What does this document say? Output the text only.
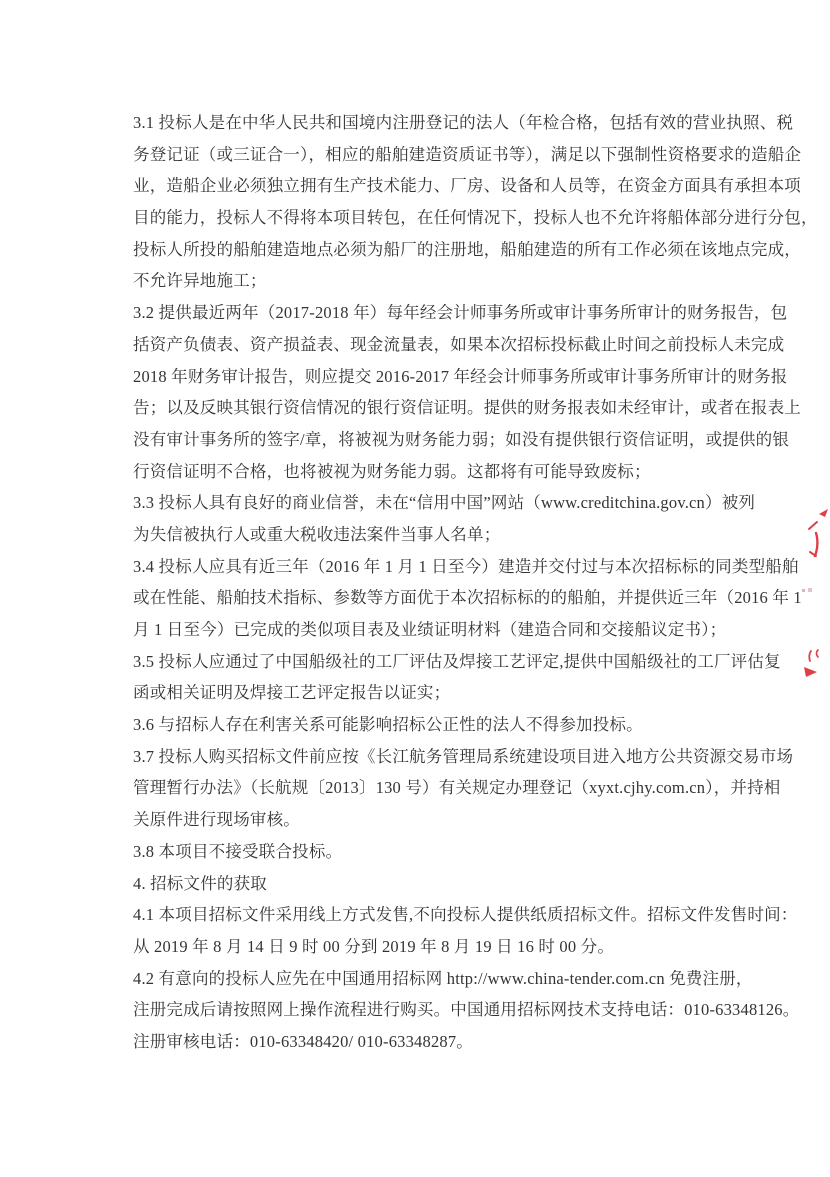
3.1 投标人是在中华人民共和国境内注册登记的法人（年检合格，包括有效的营业执照、税
务登记证（或三证合一），相应的船舶建造资质证书等），满足以下强制性资格要求的造船企
业，造船企业必须独立拥有生产技术能力、厂房、设备和人员等，在资金方面具有承担本项
目的能力，投标人不得将本项目转包，在任何情况下，投标人也不允许将船体部分进行分包，
投标人所投的船舶建造地点必须为船厂的注册地，船舶建造的所有工作必须在该地点完成，
不允许异地施工；
3.2 提供最近两年（2017-2018 年）每年经会计师事务所或审计事务所审计的财务报告，包
括资产负债表、资产损益表、现金流量表，如果本次招标投标截止时间之前投标人未完成
2018 年财务审计报告，则应提交 2016-2017 年经会计师事务所或审计事务所审计的财务报
告；以及反映其银行资信情况的银行资信证明。提供的财务报表如未经审计，或者在报表上
没有审计事务所的签字/章，将被视为财务能力弱；如没有提供银行资信证明，或提供的银
行资信证明不合格，也将被视为财务能力弱。这都将有可能导致废标；
3.3 投标人具有良好的商业信誉，未在“信用中国”网站（www.creditchina.gov.cn）被列
为失信被执行人或重大税收违法案件当事人名单；
3.4 投标人应具有近三年（2016 年 1 月 1 日至今）建造并交付过与本次招标标的同类型船舶
或在性能、船舶技术指标、参数等方面优于本次招标标的的船舶，并提供近三年（2016 年 1
月 1 日至今）已完成的类似项目表及业绩证明材料（建造合同和交接船议定书）；
3.5 投标人应通过了中国船级社的工厂评估及焊接工艺评定,提供中国船级社的工厂评估复
函或相关证明及焊接工艺评定报告以证实；
3.6 与招标人存在利害关系可能影响招标公正性的法人不得参加投标。
3.7 投标人购买招标文件前应按《长江航务管理局系统建设项目进入地方公共资源交易市场
管理暂行办法》（长航规〔2013〕130 号）有关规定办理登记（xyxt.cjhy.com.cn），并持相
关原件进行现场审核。
3.8 本项目不接受联合投标。
4. 招标文件的获取
4.1 本项目招标文件采用线上方式发售,不向投标人提供纸质招标文件。招标文件发售时间：
从 2019 年 8 月 14 日 9 时 00 分到 2019 年 8 月 19 日 16 时 00 分。
4.2 有意向的投标人应先在中国通用招标网 http://www.china-tender.com.cn 免费注册，
注册完成后请按照网上操作流程进行购买。中国通用招标网技术支持电话：010-63348126。
注册审核电话：010-63348420/ 010-63348287。
